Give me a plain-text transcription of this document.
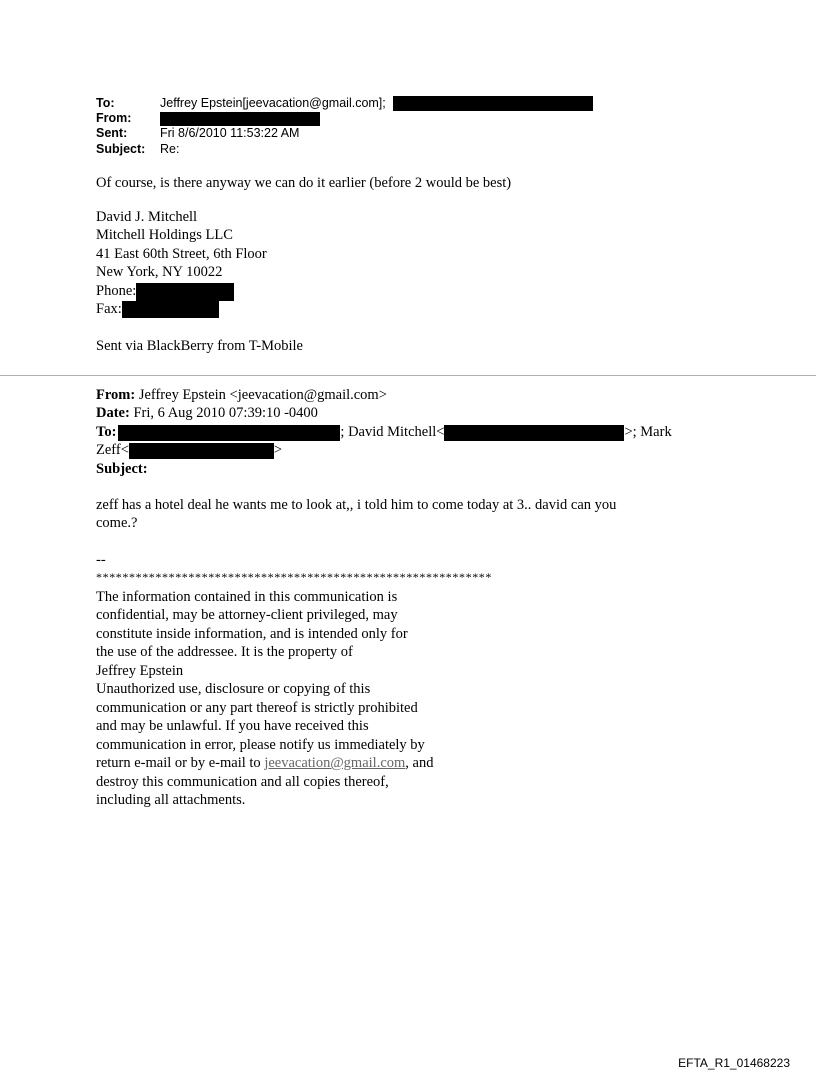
To:	Jeffrey Epstein[jeevacation@gmail.com];
From:
Sent:	Fri 8/6/2010 11:53:22 AM
Subject: Re:
Of course, is there anyway we can do it earlier (before 2 would be best)
David J. Mitchell
Mitchell Holdings LLC
41 East 60th Street, 6th Floor
New York, NY 10022
Phone:
Fax:
Sent via BlackBerry from T-Mobile
From: Jeffrey Epstein <jeevacation@gmail.com>
Date: Fri, 6 Aug 2010 07:39:10 -0400
To:	; David Mitchell<	>; Mark
Zeff<	>
Subject:
zeff has a hotel deal he wants me to look at,, i told him to come today at 3.. david can you
come.?
--
************************************************************
The information contained in this communication is
confidential, may be attorney-client privileged, may
constitute inside information, and is intended only for
the use of the addressee. It is the property of
Jeffrey Epstein
Unauthorized use, disclosure or copying of this
communication or any part thereof is strictly prohibited
and may be unlawful. If you have received this
communication in error, please notify us immediately by
return e-mail or by e-mail to jeevacation@gmail.com, and
destroy this communication and all copies thereof,
including all attachments.
EFTA_R1_01468223
